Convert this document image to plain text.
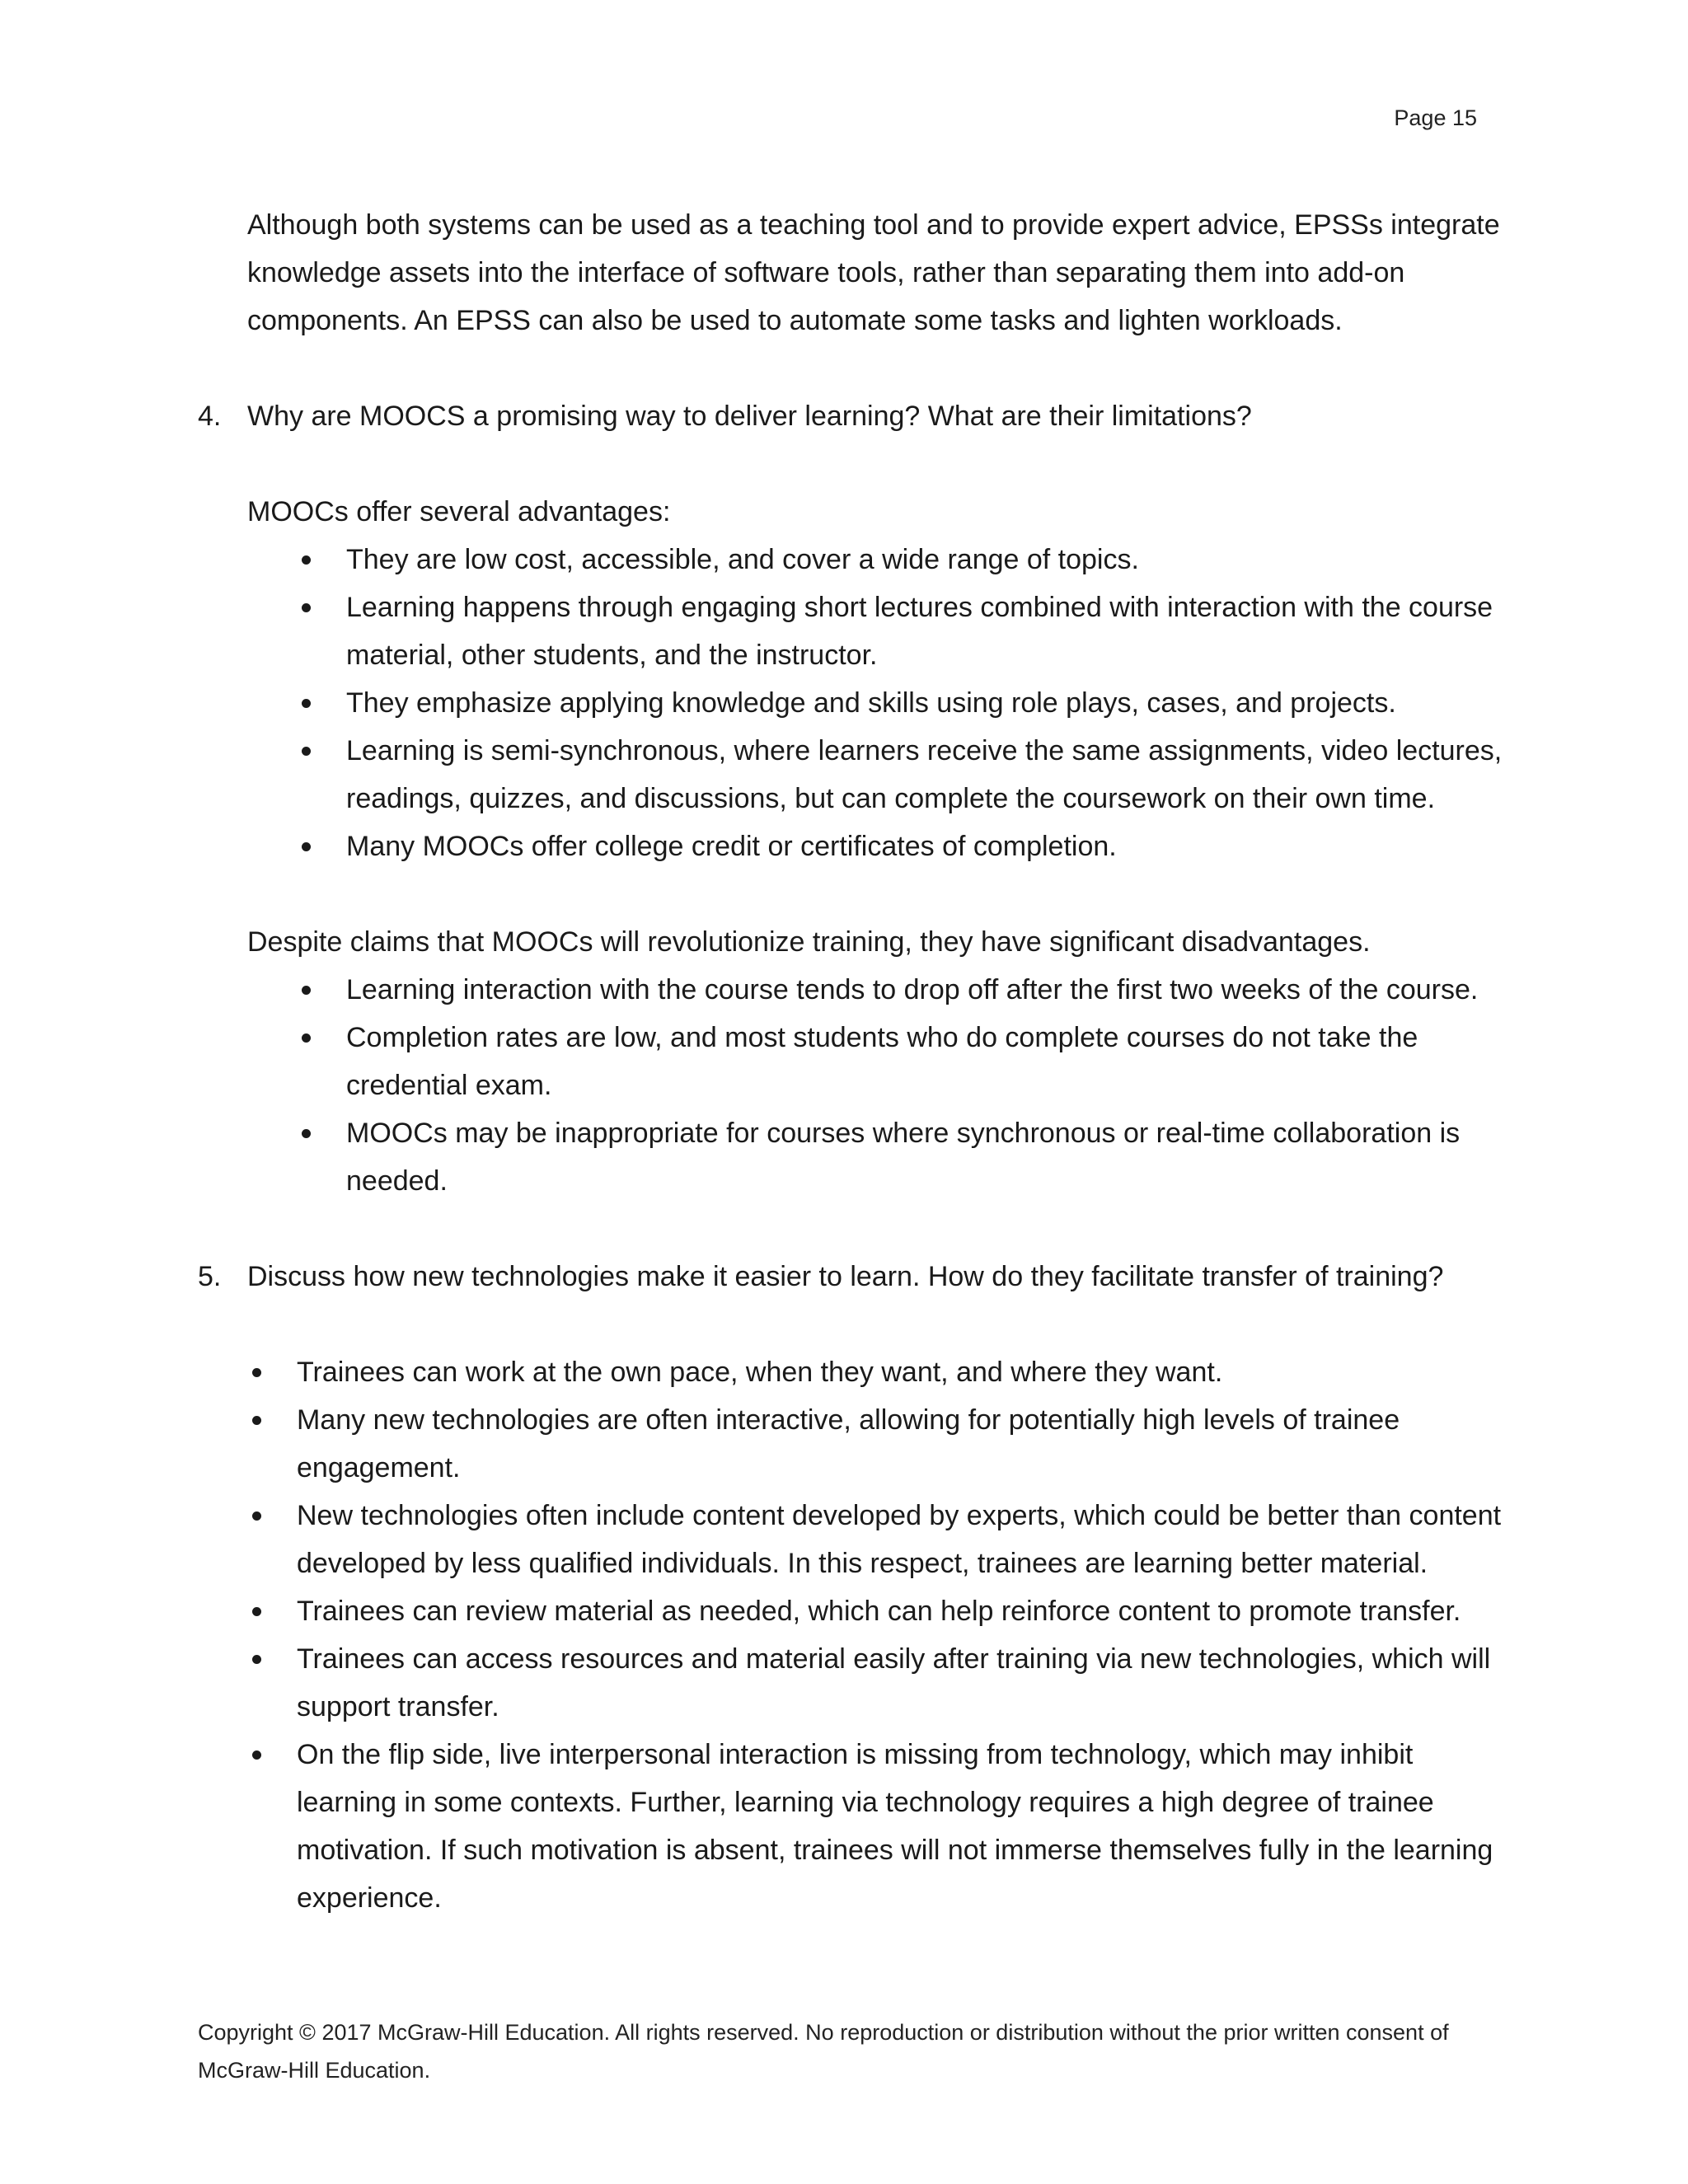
Page 15

Although both systems can be used as a teaching tool and to provide expert advice, EPSSs integrate knowledge assets into the interface of software tools, rather than separating them into add-on components. An EPSS can also be used to automate some tasks and lighten workloads.

4. Why are MOOCS a promising way to deliver learning? What are their limitations?

MOOCs offer several advantages:

They are low cost, accessible, and cover a wide range of topics.
Learning happens through engaging short lectures combined with interaction with the course material, other students, and the instructor.
They emphasize applying knowledge and skills using role plays, cases, and projects.
Learning is semi-synchronous, where learners receive the same assignments, video lectures, readings, quizzes, and discussions, but can complete the coursework on their own time.
Many MOOCs offer college credit or certificates of completion.

Despite claims that MOOCs will revolutionize training, they have significant disadvantages.

Learning interaction with the course tends to drop off after the first two weeks of the course.
Completion rates are low, and most students who do complete courses do not take the credential exam.
MOOCs may be inappropriate for courses where synchronous or real-time collaboration is needed.
5. Discuss how new technologies make it easier to learn. How do they facilitate transfer of training?

Trainees can work at the own pace, when they want, and where they want.
Many new technologies are often interactive, allowing for potentially high levels of trainee engagement.
New technologies often include content developed by experts, which could be better than content developed by less qualified individuals. In this respect, trainees are learning better material.
Trainees can review material as needed, which can help reinforce content to promote transfer.
Trainees can access resources and material easily after training via new technologies, which will support transfer.
On the flip side, live interpersonal interaction is missing from technology, which may inhibit learning in some contexts. Further, learning via technology requires a high degree of trainee motivation. If such motivation is absent, trainees will not immerse themselves fully in the learning experience.
Copyright © 2017 McGraw-Hill Education. All rights reserved. No reproduction or distribution without the prior written consent of McGraw-Hill Education.
